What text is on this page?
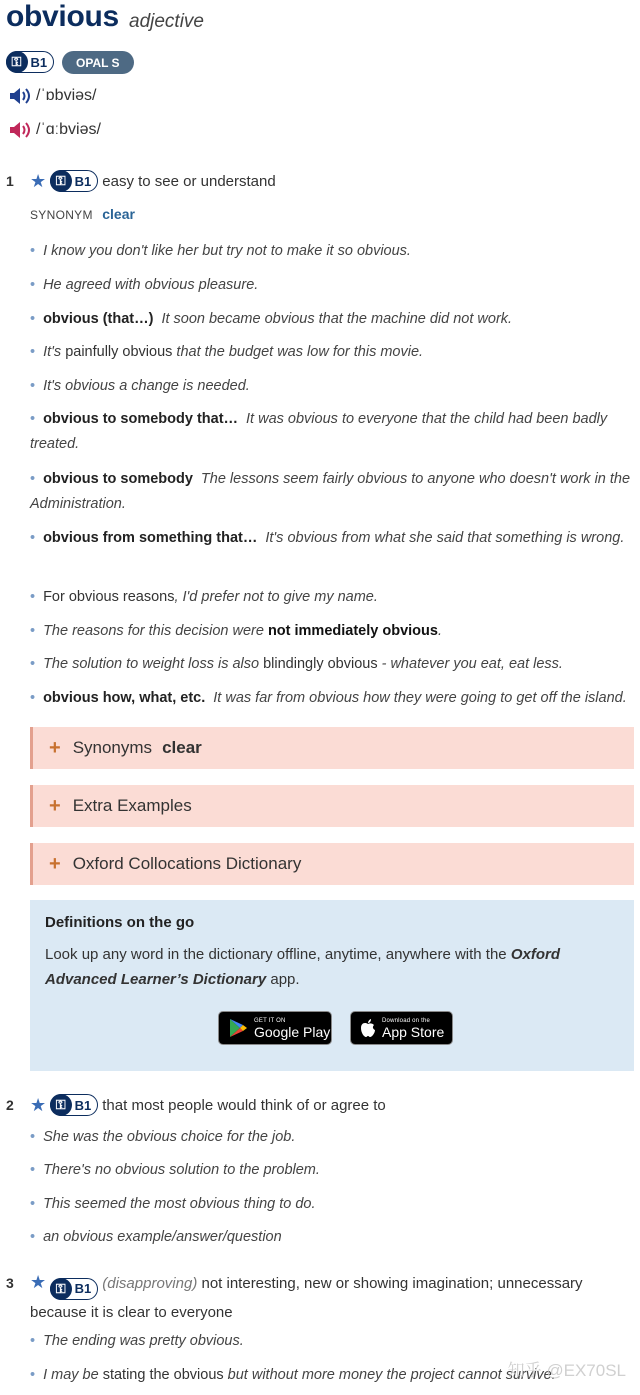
obvious adjective
⚿ B1	OPAL S
/ˈɒbviəs/
/ˈɑːbviəs/
1 ★ ⚿ B1 easy to see or understand
SYNONYM clear
• I know you don't like her but try not to make it so obvious.
• He agreed with obvious pleasure.
• obvious (that…) It soon became obvious that the machine did not work.
• It's painfully obvious that the budget was low for this movie.
• It's obvious a change is needed.
• obvious to somebody that… It was obvious to everyone that the child had been badly treated.
• obvious to somebody The lessons seem fairly obvious to anyone who doesn't work in the Administration.
• obvious from something that… It's obvious from what she said that something is wrong.
• For obvious reasons, I'd prefer not to give my name.
• The reasons for this decision were not immediately obvious.
• The solution to weight loss is also blindingly obvious - whatever you eat, eat less.
• obvious how, what, etc. It was far from obvious how they were going to get off the island.
+ Synonyms clear
+ Extra Examples
+ Oxford Collocations Dictionary
Definitions on the go
Look up any word in the dictionary offline, anytime, anywhere with the Oxford Advanced Learner’s Dictionary app.
GET IT ON
Google Play
Download on the
App Store
2 ★ ⚿ B1 that most people would think of or agree to
• She was the obvious choice for the job.
• There's no obvious solution to the problem.
• This seemed the most obvious thing to do.
• an obvious example/answer/question
3 ★ ⚿ B1 (disapproving) not interesting, new or showing imagination; unnecessary because it is clear to everyone
• The ending was pretty obvious.
• I may be stating the obvious but without more money the project cannot survive.
知乎 @EX70SL
